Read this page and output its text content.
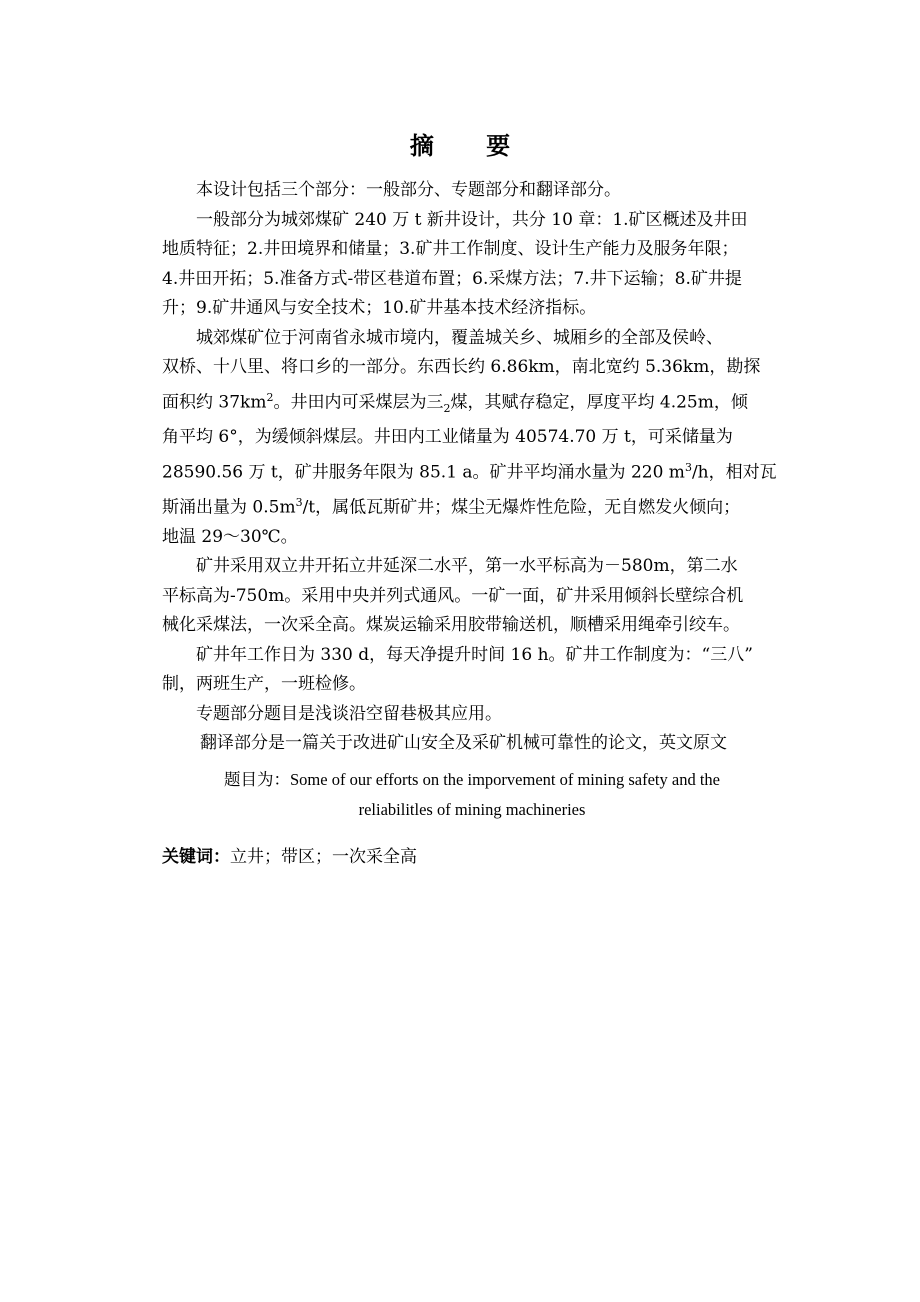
摘 要

本设计包括三个部分：一般部分、专题部分和翻译部分。

一般部分为城郊煤矿 240 万 t 新井设计，共分 10 章：1.矿区概述及井田
地质特征；2.井田境界和储量；3.矿井工作制度、设计生产能力及服务年限；
4.井田开拓；5.准备方式-带区巷道布置；6.采煤方法；7.井下运输；8.矿井提
升；9.矿井通风与安全技术；10.矿井基本技术经济指标。

城郊煤矿位于河南省永城市境内，覆盖城关乡、城厢乡的全部及侯岭、
双桥、十八里、将口乡的一部分。东西长约 6.86km，南北宽约 5.36km，勘探
面积约 $37km^2$。井田内可采煤层为三$_2$煤，其赋存稳定，厚度平均 4.25m，倾
角平均 6°，为缓倾斜煤层。井田内工业储量为 40574.70 万 t，可采储量为
28590.56 万 t，矿井服务年限为 85.1 a。矿井平均涌水量为 220 $m^3/h$，相对瓦
斯涌出量为 $0.5m^3/t$，属低瓦斯矿井；煤尘无爆炸性危险，无自燃发火倾向；
地温 29～30℃。

矿井采用双立井开拓立井延深二水平，第一水平标高为－580m，第二水
平标高为-750m。采用中央并列式通风。一矿一面，矿井采用倾斜长壁综合机
械化采煤法，一次采全高。煤炭运输采用胶带输送机，顺槽采用绳牵引绞车。

矿井年工作日为 330 d，每天净提升时间 16 h。矿井工作制度为：“三八”
制，两班生产，一班检修。

专题部分题目是浅谈沿空留巷极其应用。

翻译部分是一篇关于改进矿山安全及采矿机械可靠性的论文，英文原文

题目为：Some of our efforts on the imporvement of mining safety and the
reliabilitles of mining machineries
关键词：立井；带区；一次采全高
